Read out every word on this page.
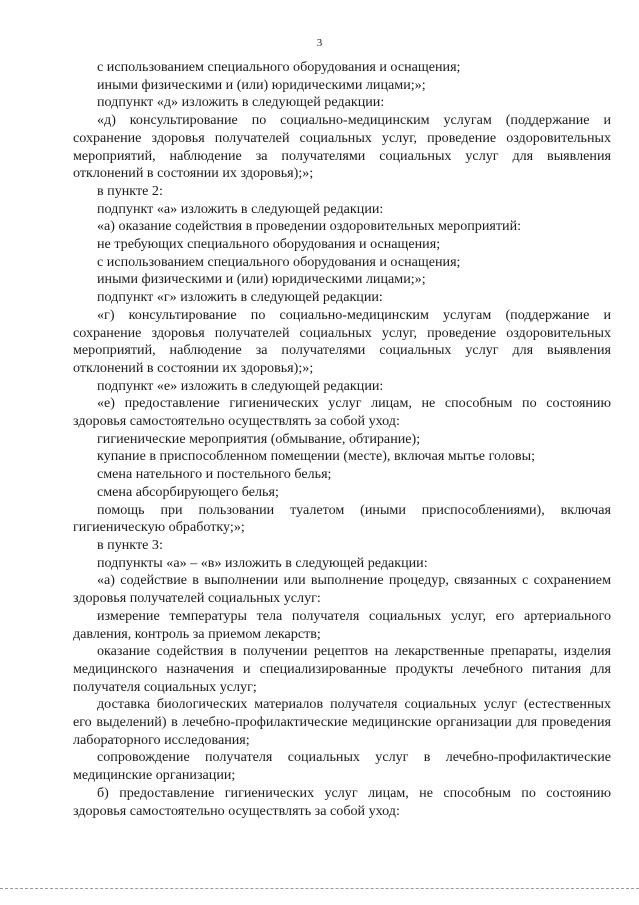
3

с использованием специального оборудования и оснащения;

иными физическими и (или) юридическими лицами;»;

подпункт «д» изложить в следующей редакции:

«д) консультирование по социально-медицинским услугам (поддержание и сохранение здоровья получателей социальных услуг, проведение оздоровительных мероприятий, наблюдение за получателями социальных услуг для выявления отклонений в состоянии их здоровья);»;

в пункте 2:

подпункт «а» изложить в следующей редакции:

«а) оказание содействия в проведении оздоровительных мероприятий:

не требующих специального оборудования и оснащения;

с использованием специального оборудования и оснащения;

иными физическими и (или) юридическими лицами;»;

подпункт «г» изложить в следующей редакции:

«г) консультирование по социально-медицинским услугам (поддержание и сохранение здоровья получателей социальных услуг, проведение оздоровительных мероприятий, наблюдение за получателями социальных услуг для выявления отклонений в состоянии их здоровья);»;

подпункт «е» изложить в следующей редакции:

«е) предоставление гигиенических услуг лицам, не способным по состоянию здоровья самостоятельно осуществлять за собой уход:

гигиенические мероприятия (обмывание, обтирание);

купание в приспособленном помещении (месте), включая мытье головы;

смена нательного и постельного белья;

смена абсорбирующего белья;

помощь при пользовании туалетом (иными приспособлениями), включая гигиеническую обработку;»;

в пункте 3:

подпункты «а» – «в» изложить в следующей редакции:

«а) содействие в выполнении или выполнение процедур, связанных с сохранением здоровья получателей социальных услуг:

измерение температуры тела получателя социальных услуг, его артериального давления, контроль за приемом лекарств;

оказание содействия в получении рецептов на лекарственные препараты, изделия медицинского назначения и специализированные продукты лечебного питания для получателя социальных услуг;

доставка биологических материалов получателя социальных услуг (естественных его выделений) в лечебно-профилактические медицинские организации для проведения лабораторного исследования;

сопровождение получателя социальных услуг в лечебно-профилактические медицинские организации;

б) предоставление гигиенических услуг лицам, не способным по состоянию здоровья самостоятельно осуществлять за собой уход:
